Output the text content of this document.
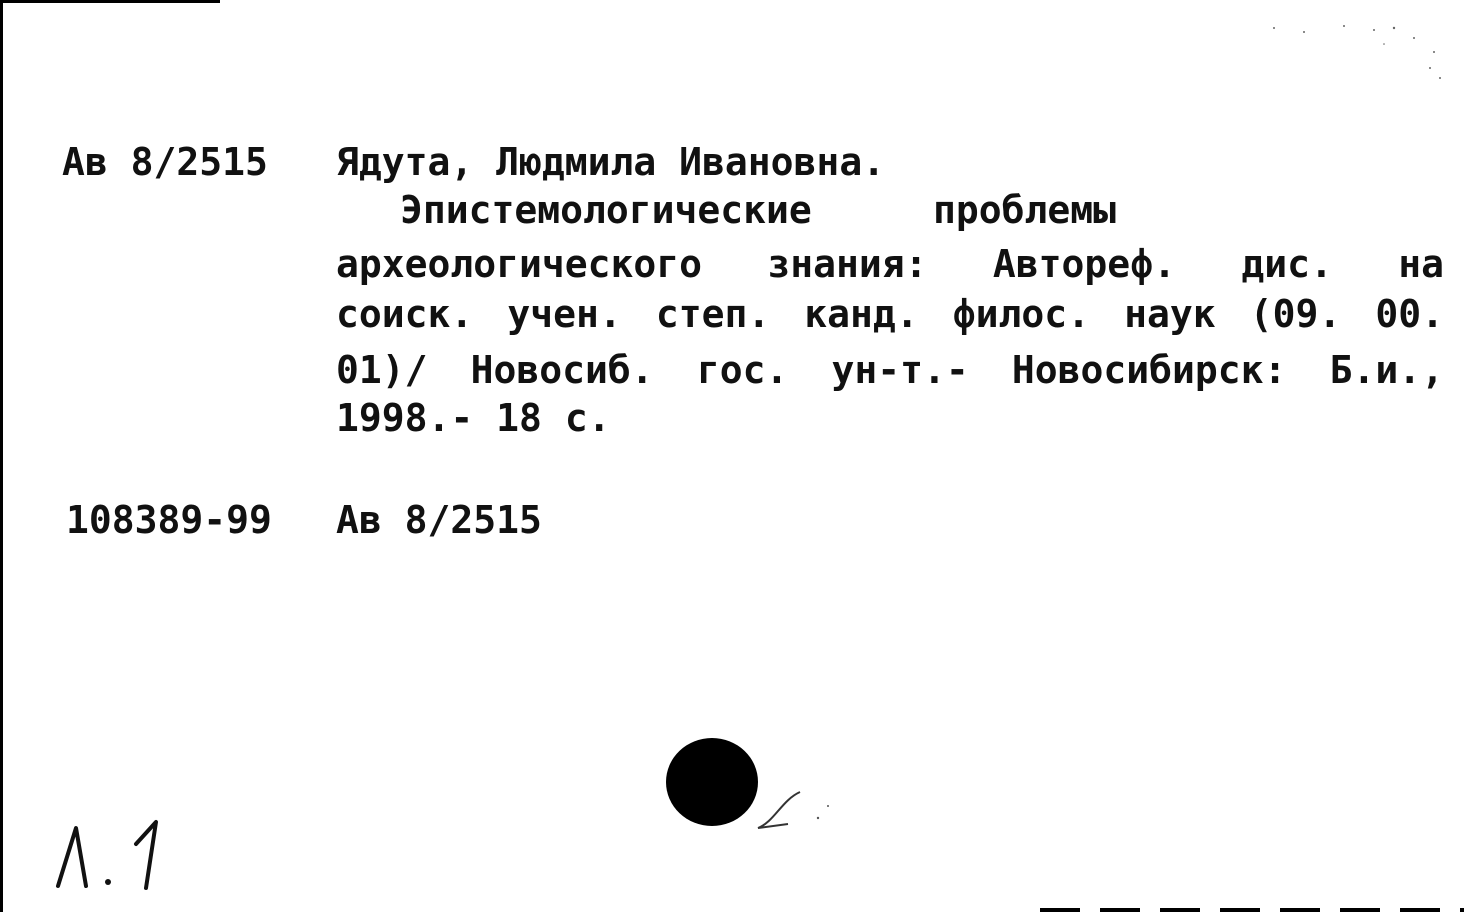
Ав 8/2515 Ядута, Людмила Ивановна.
Эпистемологические	проблемы
археологического знания: Автореф. дис. на
соиск. учен. степ. канд. филос. наук (09. 00.
01)/ Новосиб. гос. ун-т.- Новосибирск: Б.и.,
1998.- 18 с.
108389-99 Ав 8/2515
